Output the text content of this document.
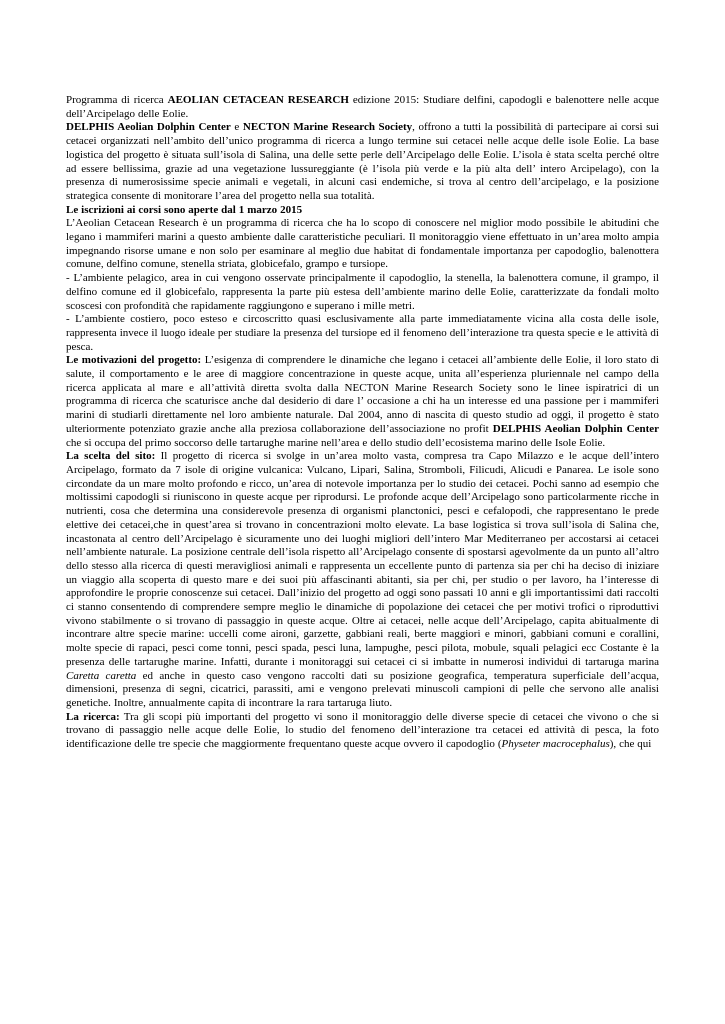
Programma di ricerca AEOLIAN CETACEAN RESEARCH edizione 2015: Studiare delfini, capodogli e balenottere nelle acque dell’Arcipelago delle Eolie.

DELPHIS Aeolian Dolphin Center e NECTON Marine Research Society, offrono a tutti la possibilità di partecipare ai corsi sui cetacei organizzati nell’ambito dell’unico programma di ricerca a lungo termine sui cetacei nelle acque delle isole Eolie. La base logistica del progetto è situata sull’isola di Salina, una delle sette perle dell’Arcipelago delle Eolie. L’isola è stata scelta perché oltre ad essere bellissima, grazie ad una vegetazione lussureggiante (è l’isola più verde e la più alta dell’ intero Arcipelago), con la presenza di numerosissime specie animali e vegetali, in alcuni casi endemiche, si trova al centro dell’arcipelago, e la posizione strategica consente di monitorare l’area del progetto nella sua totalità.

Le iscrizioni ai corsi sono aperte dal 1 marzo 2015

L’Aeolian Cetacean Research è un programma di ricerca che ha lo scopo di conoscere nel miglior modo possibile le abitudini che legano i mammiferi marini a questo ambiente dalle caratteristiche peculiari. Il monitoraggio viene effettuato in un’area molto ampia impegnando risorse umane e non solo per esaminare al meglio due habitat di fondamentale importanza per capodoglio, balenottera comune, delfino comune, stenella striata, globicefalo, grampo e tursiope.

- L’ambiente pelagico, area in cui vengono osservate principalmente il capodoglio, la stenella, la balenottera comune, il grampo, il delfino comune ed il globicefalo, rappresenta la parte più estesa dell’ambiente marino delle Eolie, caratterizzate da fondali molto scoscesi con profondità che rapidamente raggiungono e superano i mille metri.

- L’ambiente costiero, poco esteso e circoscritto quasi esclusivamente alla parte immediatamente vicina alla costa delle isole, rappresenta invece il luogo ideale per studiare la presenza del tursiope ed il fenomeno dell’interazione tra questa specie e le attività di pesca.

Le motivazioni del progetto: L’esigenza di comprendere le dinamiche che legano i cetacei all’ambiente delle Eolie, il loro stato di salute, il comportamento e le aree di maggiore concentrazione in queste acque, unita all’esperienza pluriennale nel campo della ricerca applicata al mare e all’attività diretta svolta dalla NECTON Marine Research Society sono le linee ispiratrici di un programma di ricerca che scaturisce anche dal desiderio di dare l’ occasione a chi ha un interesse ed una passione per i mammiferi marini di studiarli direttamente nel loro ambiente naturale. Dal 2004, anno di nascita di questo studio ad oggi, il progetto è stato ulteriormente potenziato grazie anche alla preziosa collaborazione dell’associazione no profit DELPHIS Aeolian Dolphin Center che si occupa del primo soccorso delle tartarughe marine nell’area e dello studio dell’ecosistema marino delle Isole Eolie.

La scelta del sito: Il progetto di ricerca si svolge in un’area molto vasta, compresa tra Capo Milazzo e le acque dell’intero Arcipelago, formato da 7 isole di origine vulcanica: Vulcano, Lipari, Salina, Stromboli, Filicudi, Alicudi e Panarea. Le isole sono circondate da un mare molto profondo e ricco, un’area di notevole importanza per lo studio dei cetacei. Pochi sanno ad esempio che moltissimi capodogli si riuniscono in queste acque per riprodursi. Le profonde acque dell’Arcipelago sono particolarmente ricche in nutrienti, cosa che determina una considerevole presenza di organismi planctonici, pesci e cefalopodi, che rappresentano le prede elettive dei cetacei,che in quest’area si trovano in concentrazioni molto elevate. La base logistica si trova sull’isola di Salina che, incastonata al centro dell’Arcipelago è sicuramente uno dei luoghi migliori dell’intero Mar Mediterraneo per accostarsi ai cetacei nell’ambiente naturale. La posizione centrale dell’isola rispetto all’Arcipelago consente di spostarsi agevolmente da un punto all’altro dello stesso alla ricerca di questi meravigliosi animali e rappresenta un eccellente punto di partenza sia per chi ha deciso di iniziare un viaggio alla scoperta di questo mare e dei suoi più affascinanti abitanti, sia per chi, per studio o per lavoro, ha l’interesse di approfondire le proprie conoscenze sui cetacei. Dall’inizio del progetto ad oggi sono passati 10 anni e gli importantissimi dati raccolti ci stanno consentendo di comprendere sempre meglio le dinamiche di popolazione dei cetacei che per motivi trofici o riproduttivi vivono stabilmente o si trovano di passaggio in queste acque. Oltre ai cetacei, nelle acque dell’Arcipelago, capita abitualmente di incontrare altre specie marine: uccelli come aironi, garzette, gabbiani reali, berte maggiori e minori, gabbiani comuni e corallini, molte specie di rapaci, pesci come tonni, pesci spada, pesci luna, lampughe, pesci pilota, mobule, squali pelagici ecc Costante è la presenza delle tartarughe marine. Infatti, durante i monitoraggi sui cetacei ci si imbatte in numerosi individui di tartaruga marina Caretta caretta ed anche in questo caso vengono raccolti dati su posizione geografica, temperatura superficiale dell’acqua, dimensioni, presenza di segni, cicatrici, parassiti, ami e vengono prelevati minuscoli campioni di pelle che servono alle analisi genetiche. Inoltre, annualmente capita di incontrare la rara tartaruga liuto.

La ricerca: Tra gli scopi più importanti del progetto vi sono il monitoraggio delle diverse specie di cetacei che vivono o che si trovano di passaggio nelle acque delle Eolie, lo studio del fenomeno dell’interazione tra cetacei ed attività di pesca, la foto identificazione delle tre specie che maggiormente frequentano queste acque ovvero il capodoglio (Physeter macrocephalus), che qui
